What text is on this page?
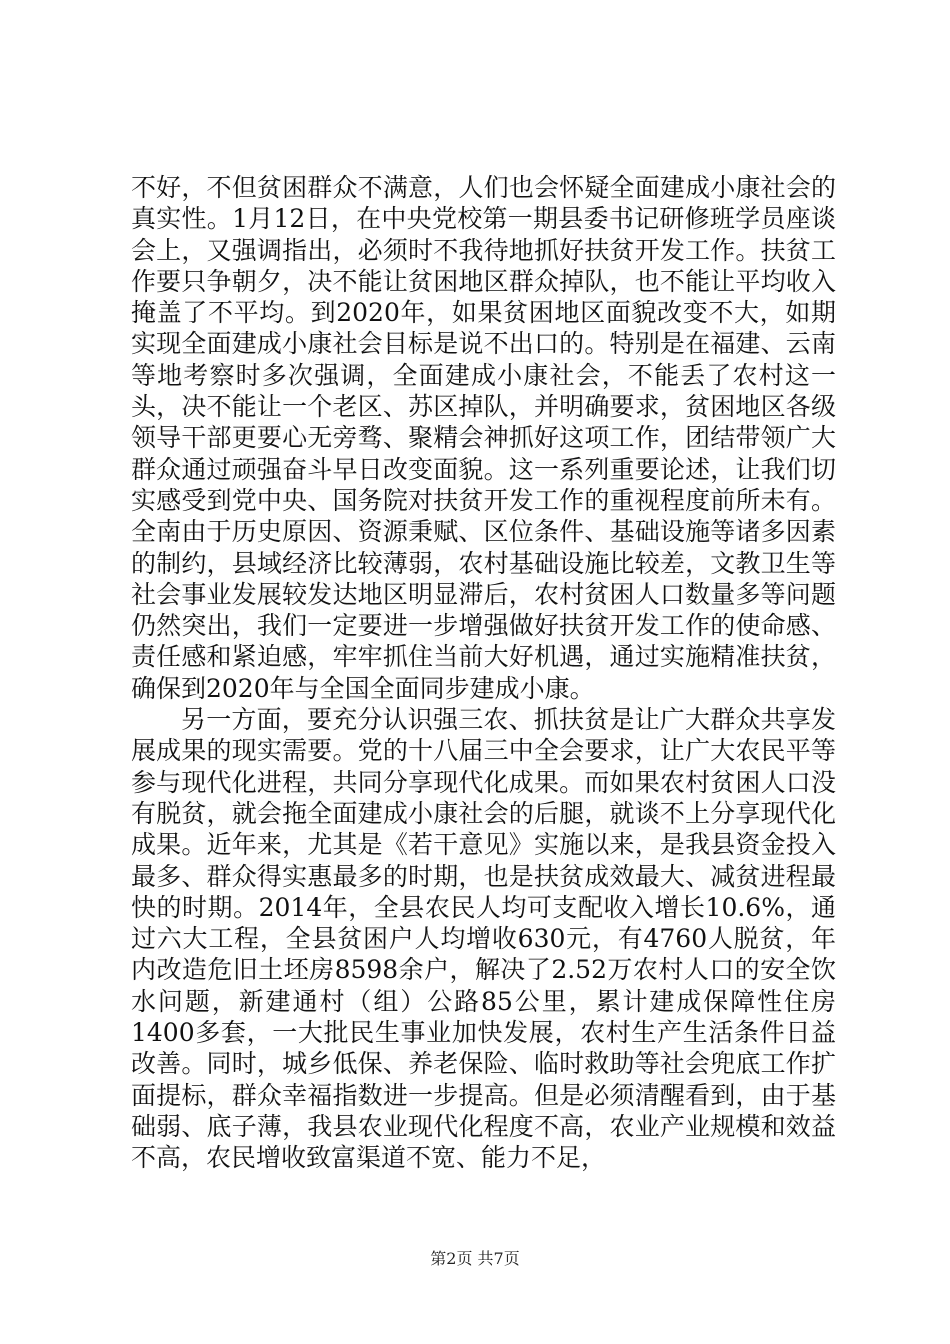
不好，不但贫困群众不满意，人们也会怀疑全面建成小康社会的真实性。1月12日，在中央党校第一期县委书记研修班学员座谈会上，又强调指出，必须时不我待地抓好扶贫开发工作。扶贫工作要只争朝夕，决不能让贫困地区群众掉队，也不能让平均收入掩盖了不平均。到2020年，如果贫困地区面貌改变不大，如期实现全面建成小康社会目标是说不出口的。特别是在福建、云南等地考察时多次强调，全面建成小康社会，不能丢了农村这一头，决不能让一个老区、苏区掉队，并明确要求，贫困地区各级领导干部更要心无旁骛、聚精会神抓好这项工作，团结带领广大群众通过顽强奋斗早日改变面貌。这一系列重要论述，让我们切实感受到党中央、国务院对扶贫开发工作的重视程度前所未有。全南由于历史原因、资源秉赋、区位条件、基础设施等诸多因素的制约，县域经济比较薄弱，农村基础设施比较差，文教卫生等社会事业发展较发达地区明显滞后，农村贫困人口数量多等问题仍然突出，我们一定要进一步增强做好扶贫开发工作的使命感、责任感和紧迫感，牢牢抓住当前大好机遇，通过实施精准扶贫，确保到2020年与全国全面同步建成小康。

另一方面，要充分认识强三农、抓扶贫是让广大群众共享发展成果的现实需要。党的十八届三中全会要求，让广大农民平等参与现代化进程，共同分享现代化成果。而如果农村贫困人口没有脱贫，就会拖全面建成小康社会的后腿，就谈不上分享现代化成果。近年来，尤其是《若干意见》实施以来，是我县资金投入最多、群众得实惠最多的时期，也是扶贫成效最大、减贫进程最快的时期。2014年，全县农民人均可支配收入增长10.6%，通过六大工程，全县贫困户人均增收630元，有4760人脱贫，年内改造危旧土坯房8598余户，解决了2.52万农村人口的安全饮水问题，新建通村（组）公路85公里，累计建成保障性住房1400多套，一大批民生事业加快发展，农村生产生活条件日益改善。同时，城乡低保、养老保险、临时救助等社会兜底工作扩面提标，群众幸福指数进一步提高。但是必须清醒看到，由于基础弱、底子薄，我县农业现代化程度不高，农业产业规模和效益不高，农民增收致富渠道不宽、能力不足，

第2页 共7页
